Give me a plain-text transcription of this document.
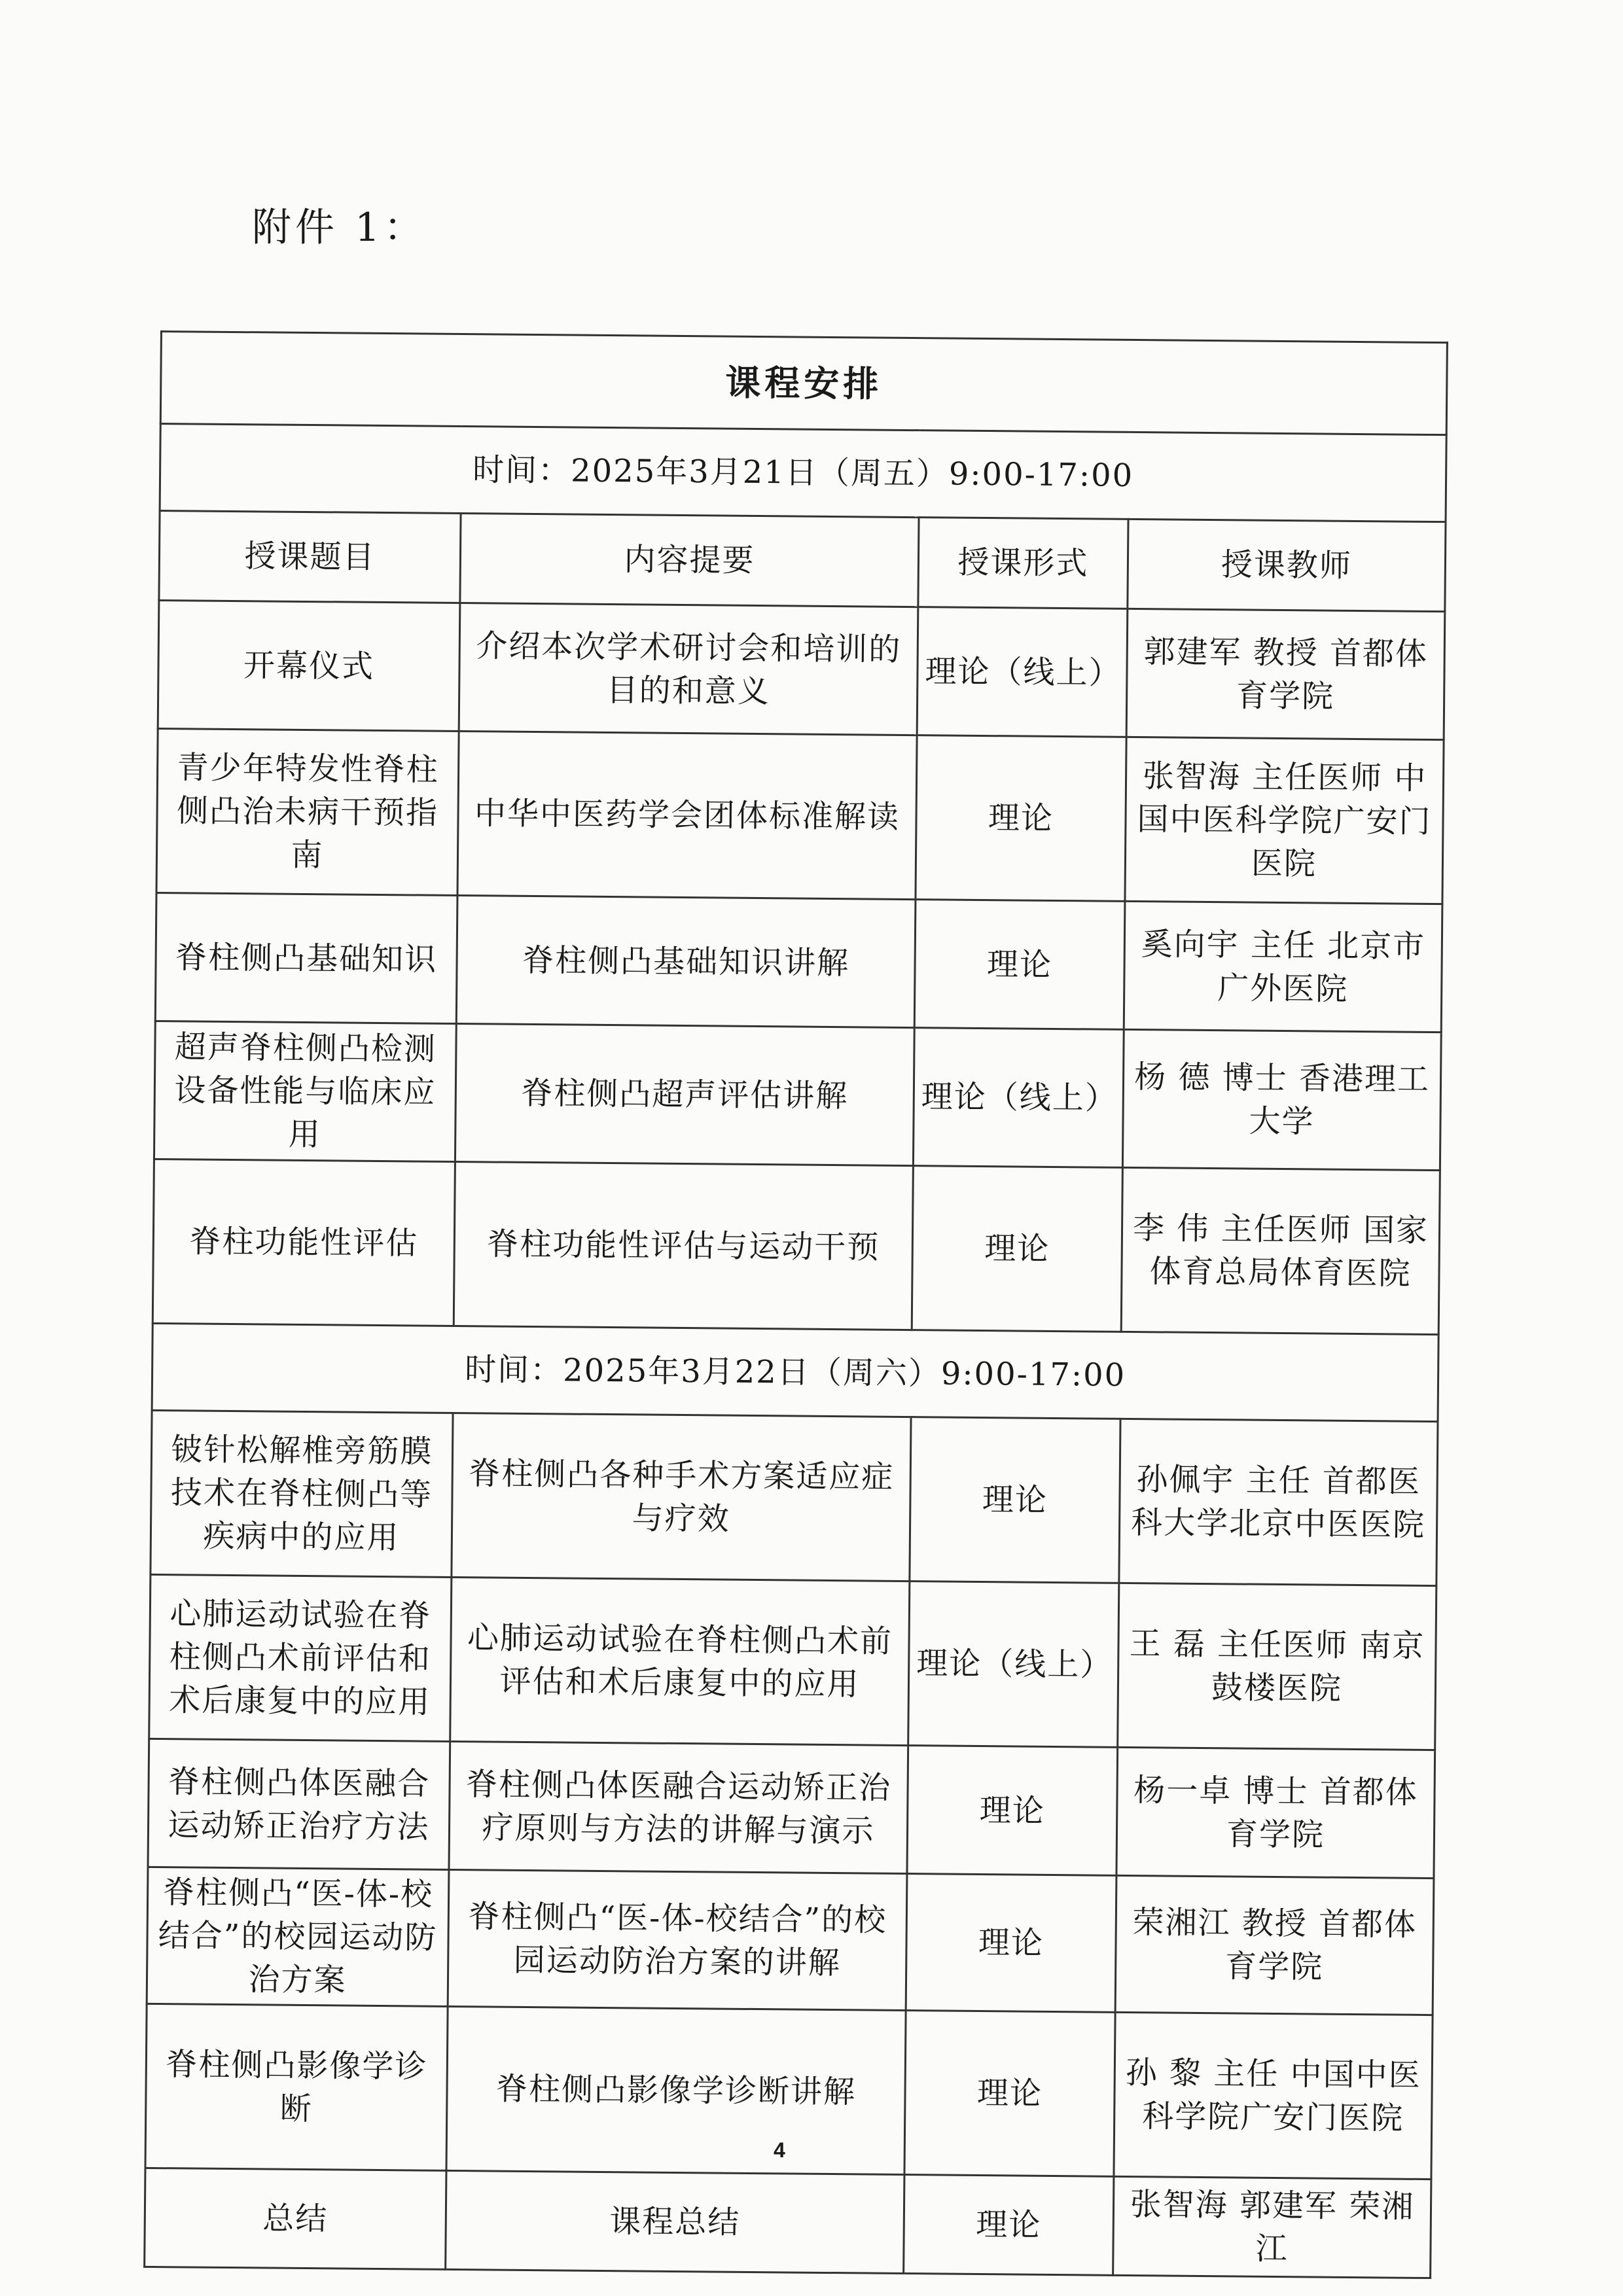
附件 1：
课程安排			
时间：2025年3月21日（周五）9:00-17:00			
授课题目	内容提要	授课形式	授课教师
开幕仪式	介绍本次学术研讨会和培训的目的和意义	理论（线上）	郭建军 教授 首都体育学院
青少年特发性脊柱侧凸治未病干预指南	中华中医药学会团体标准解读	理论	张智海 主任医师 中国中医科学院广安门医院
脊柱侧凸基础知识	脊柱侧凸基础知识讲解	理论	奚向宇 主任 北京市广外医院
超声脊柱侧凸检测设备性能与临床应用	脊柱侧凸超声评估讲解	理论（线上）	杨 德 博士 香港理工大学
脊柱功能性评估	脊柱功能性评估与运动干预	理论	李 伟 主任医师 国家体育总局体育医院
时间：2025年3月22日（周六）9:00-17:00			
铍针松解椎旁筋膜技术在脊柱侧凸等疾病中的应用	脊柱侧凸各种手术方案适应症与疗效	理论	孙佩宇 主任 首都医科大学北京中医医院
心肺运动试验在脊柱侧凸术前评估和术后康复中的应用	心肺运动试验在脊柱侧凸术前评估和术后康复中的应用	理论（线上）	王 磊 主任医师 南京鼓楼医院
脊柱侧凸体医融合运动矫正治疗方法	脊柱侧凸体医融合运动矫正治疗原则与方法的讲解与演示	理论	杨一卓 博士 首都体育学院
脊柱侧凸“医-体-校结合”的校园运动防治方案	脊柱侧凸“医-体-校结合”的校园运动防治方案的讲解	理论	荣湘江 教授 首都体育学院
脊柱侧凸影像学诊断	脊柱侧凸影像学诊断讲解	理论	孙 黎 主任 中国中医科学院广安门医院
总结	课程总结	理论	张智海 郭建军 荣湘江
4
